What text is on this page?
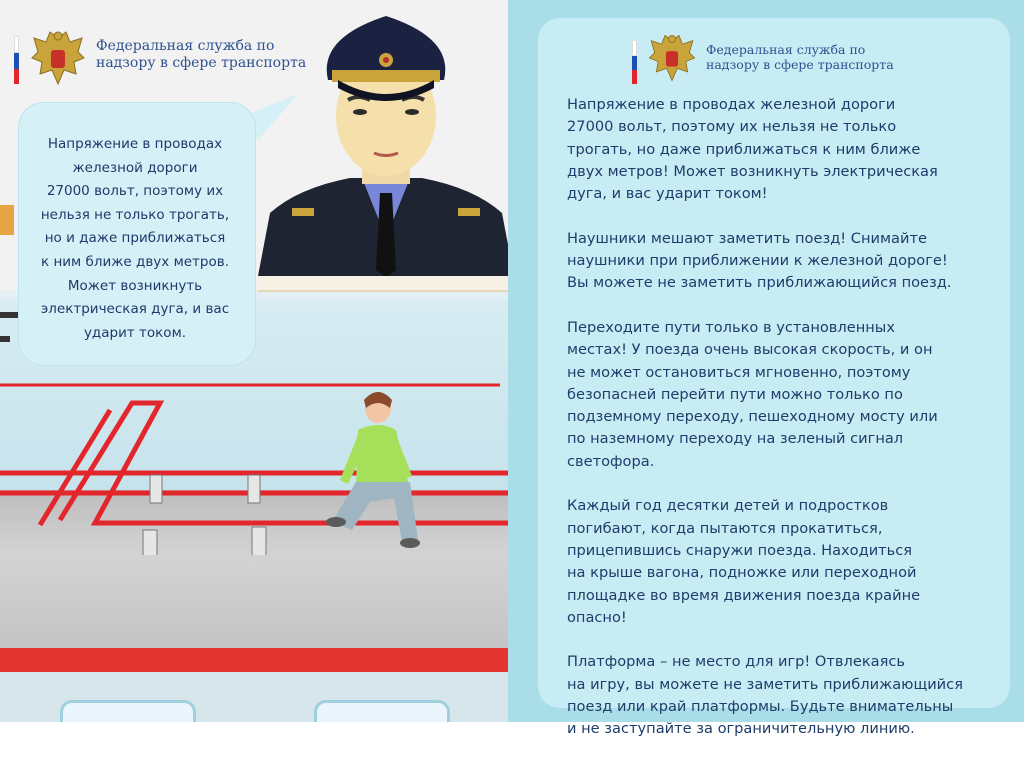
Напряжение в проводах

железной дороги

27000 вольт, поэтому их

нельзя не только трогать,

но и даже приближаться

к ним ближе двух метров.

Может возникнуть

электрическая дуга, и вас

ударит током.

Федеральная служба по
надзору в сфере транспорта
Федеральная служба по
надзору в сфере транспорта

Напряжение в проводах железной дороги
27000 вольт, поэтому их нельзя не только
трогать, но даже приближаться к ним ближе
двух метров! Может возникнуть электрическая
дуга, и вас ударит током!

Наушники мешают заметить поезд! Снимайте
наушники при приближении к железной дороге!
Вы можете не заметить приближающийся поезд.

Переходите пути только в установленных
местах! У поезда очень высокая скорость, и он
не может остановиться мгновенно, поэтому
безопасней перейти пути можно только по
подземному переходу, пешеходному мосту или
по наземному переходу на зеленый сигнал
светофора.

Каждый год десятки детей и подростков
погибают, когда пытаются прокатиться,
прицепившись снаружи поезда. Находиться
на крыше вагона, подножке или переходной
площадке во время движения поезда крайне
опасно!

Платформа – не место для игр! Отвлекаясь
на игру, вы можете не заметить приближающийся
поезд или край платформы. Будьте внимательны
и не заступайте за ограничительную линию.
